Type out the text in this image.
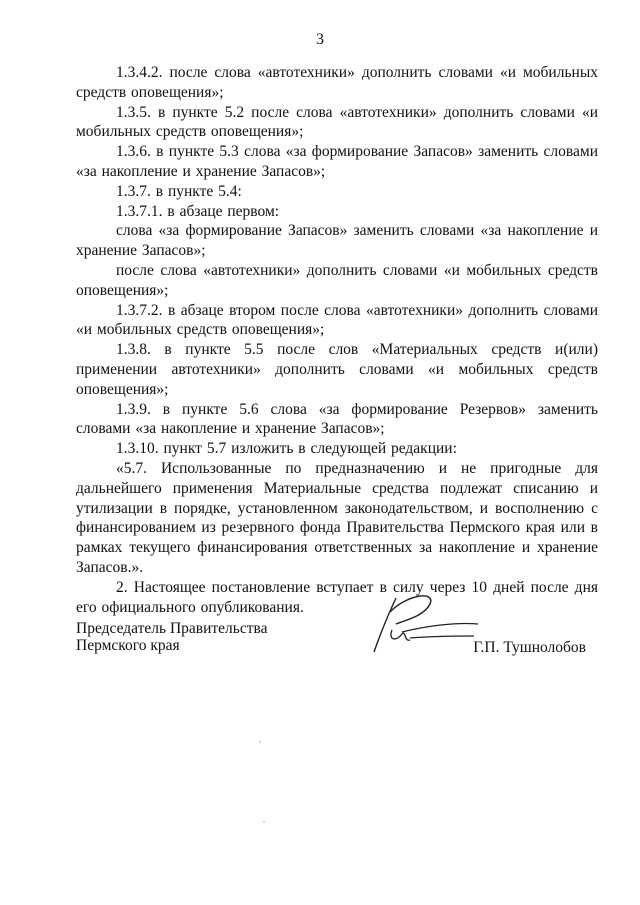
3

1.3.4.2. после слова «автотехники» дополнить словами «и мобильных средств оповещения»;

1.3.5. в пункте 5.2 после слова «автотехники» дополнить словами «и мобильных средств оповещения»;

1.3.6. в пункте 5.3 слова «за формирование Запасов» заменить словами «за накопление и хранение Запасов»;

1.3.7. в пункте 5.4:

1.3.7.1. в абзаце первом:

слова «за формирование Запасов» заменить словами «за накопление и хранение Запасов»;

после слова «автотехники» дополнить словами «и мобильных средств оповещения»;

1.3.7.2. в абзаце втором после слова «автотехники» дополнить словами «и мобильных средств оповещения»;

1.3.8. в пункте 5.5 после слов «Материальных средств и(или) применении автотехники» дополнить словами «и мобильных средств оповещения»;

1.3.9. в пункте 5.6 слова «за формирование Резервов» заменить словами «за накопление и хранение Запасов»;

1.3.10. пункт 5.7 изложить в следующей редакции:

«5.7. Использованные по предназначению и не пригодные для дальнейшего применения Материальные средства подлежат списанию и утилизации в порядке, установленном законодательством, и восполнению с финансированием из резервного фонда Правительства Пермского края или в рамках текущего финансирования ответственных за накопление и хранение Запасов.».

2. Настоящее постановление вступает в силу через 10 дней после дня его официального опубликования.

Председатель Правительства
Пермского края	Г.П. Тушнолобов
